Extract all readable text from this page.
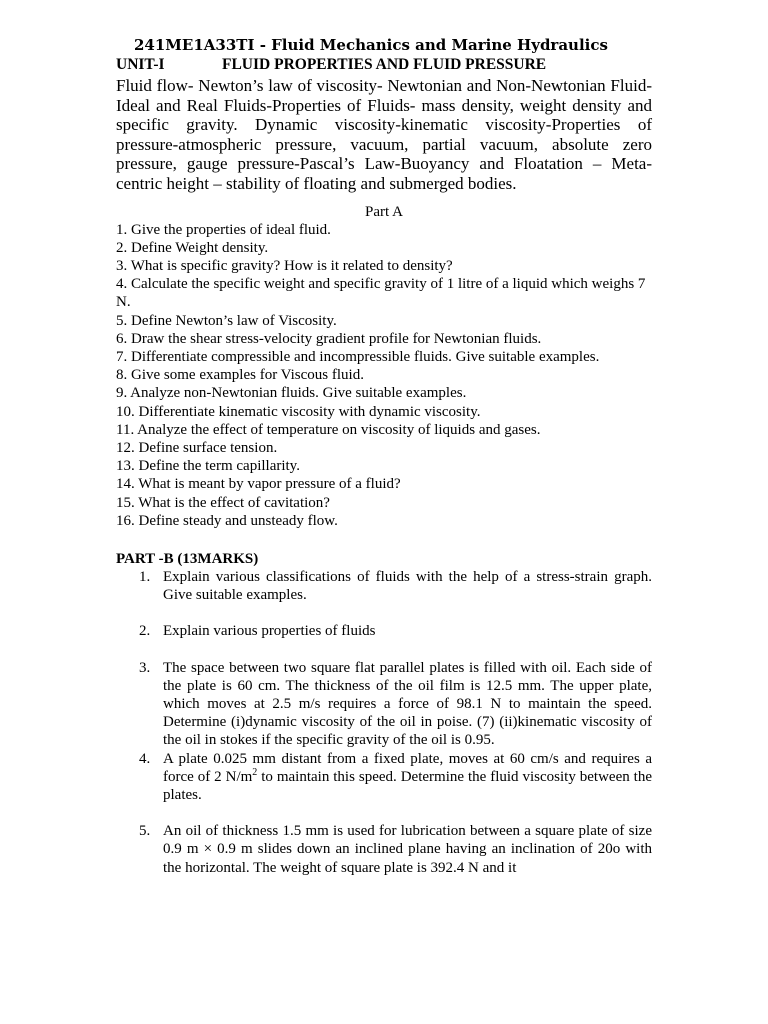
241ME1A33TI - Fluid Mechanics and Marine Hydraulics
UNIT-I	FLUID PROPERTIES AND FLUID PRESSURE

Fluid flow- Newton’s law of viscosity- Newtonian and Non-Newtonian Fluid- Ideal and Real Fluids-Properties of Fluids- mass density, weight density and specific gravity. Dynamic viscosity-kinematic viscosity-Properties of pressure-atmospheric pressure, vacuum, partial vacuum, absolute zero pressure, gauge pressure-Pascal’s Law-Buoyancy and Floatation – Meta- centric height – stability of floating and submerged bodies.

Part A
1. Give the properties of ideal fluid.
2. Define Weight density.
3. What is specific gravity? How is it related to density?
4. Calculate the specific weight and specific gravity of 1 litre of a liquid which weighs 7 N.
5. Define Newton’s law of Viscosity.
6. Draw the shear stress-velocity gradient profile for Newtonian fluids.
7. Differentiate compressible and incompressible fluids. Give suitable examples.
8. Give some examples for Viscous fluid.
9. Analyze non-Newtonian fluids. Give suitable examples.
10. Differentiate kinematic viscosity with dynamic viscosity.
11. Analyze the effect of temperature on viscosity of liquids and gases.
12. Define surface tension.
13. Define the term capillarity.
14. What is meant by vapor pressure of a fluid?
15. What is the effect of cavitation?
16. Define steady and unsteady flow.
PART -B (13MARKS)
1. Explain various classifications of fluids with the help of a stress-strain graph. Give suitable examples.
2. Explain various properties of fluids
3. The space between two square flat parallel plates is filled with oil. Each side of the plate is 60 cm. The thickness of the oil film is 12.5 mm. The upper plate, which moves at 2.5 m/s requires a force of 98.1 N to maintain the speed. Determine (i)dynamic viscosity of the oil in poise. (7) (ii)kinematic viscosity of the oil in stokes if the specific gravity of the oil is 0.95.
4. A plate 0.025 mm distant from a fixed plate, moves at 60 cm/s and requires a force of 2 $N/m^2$ to maintain this speed. Determine the fluid viscosity between the plates.
5. An oil of thickness 1.5 mm is used for lubrication between a square plate of size 0.9 m × 0.9 m slides down an inclined plane having an inclination of 20o with the horizontal. The weight of square plate is 392.4 N and it
